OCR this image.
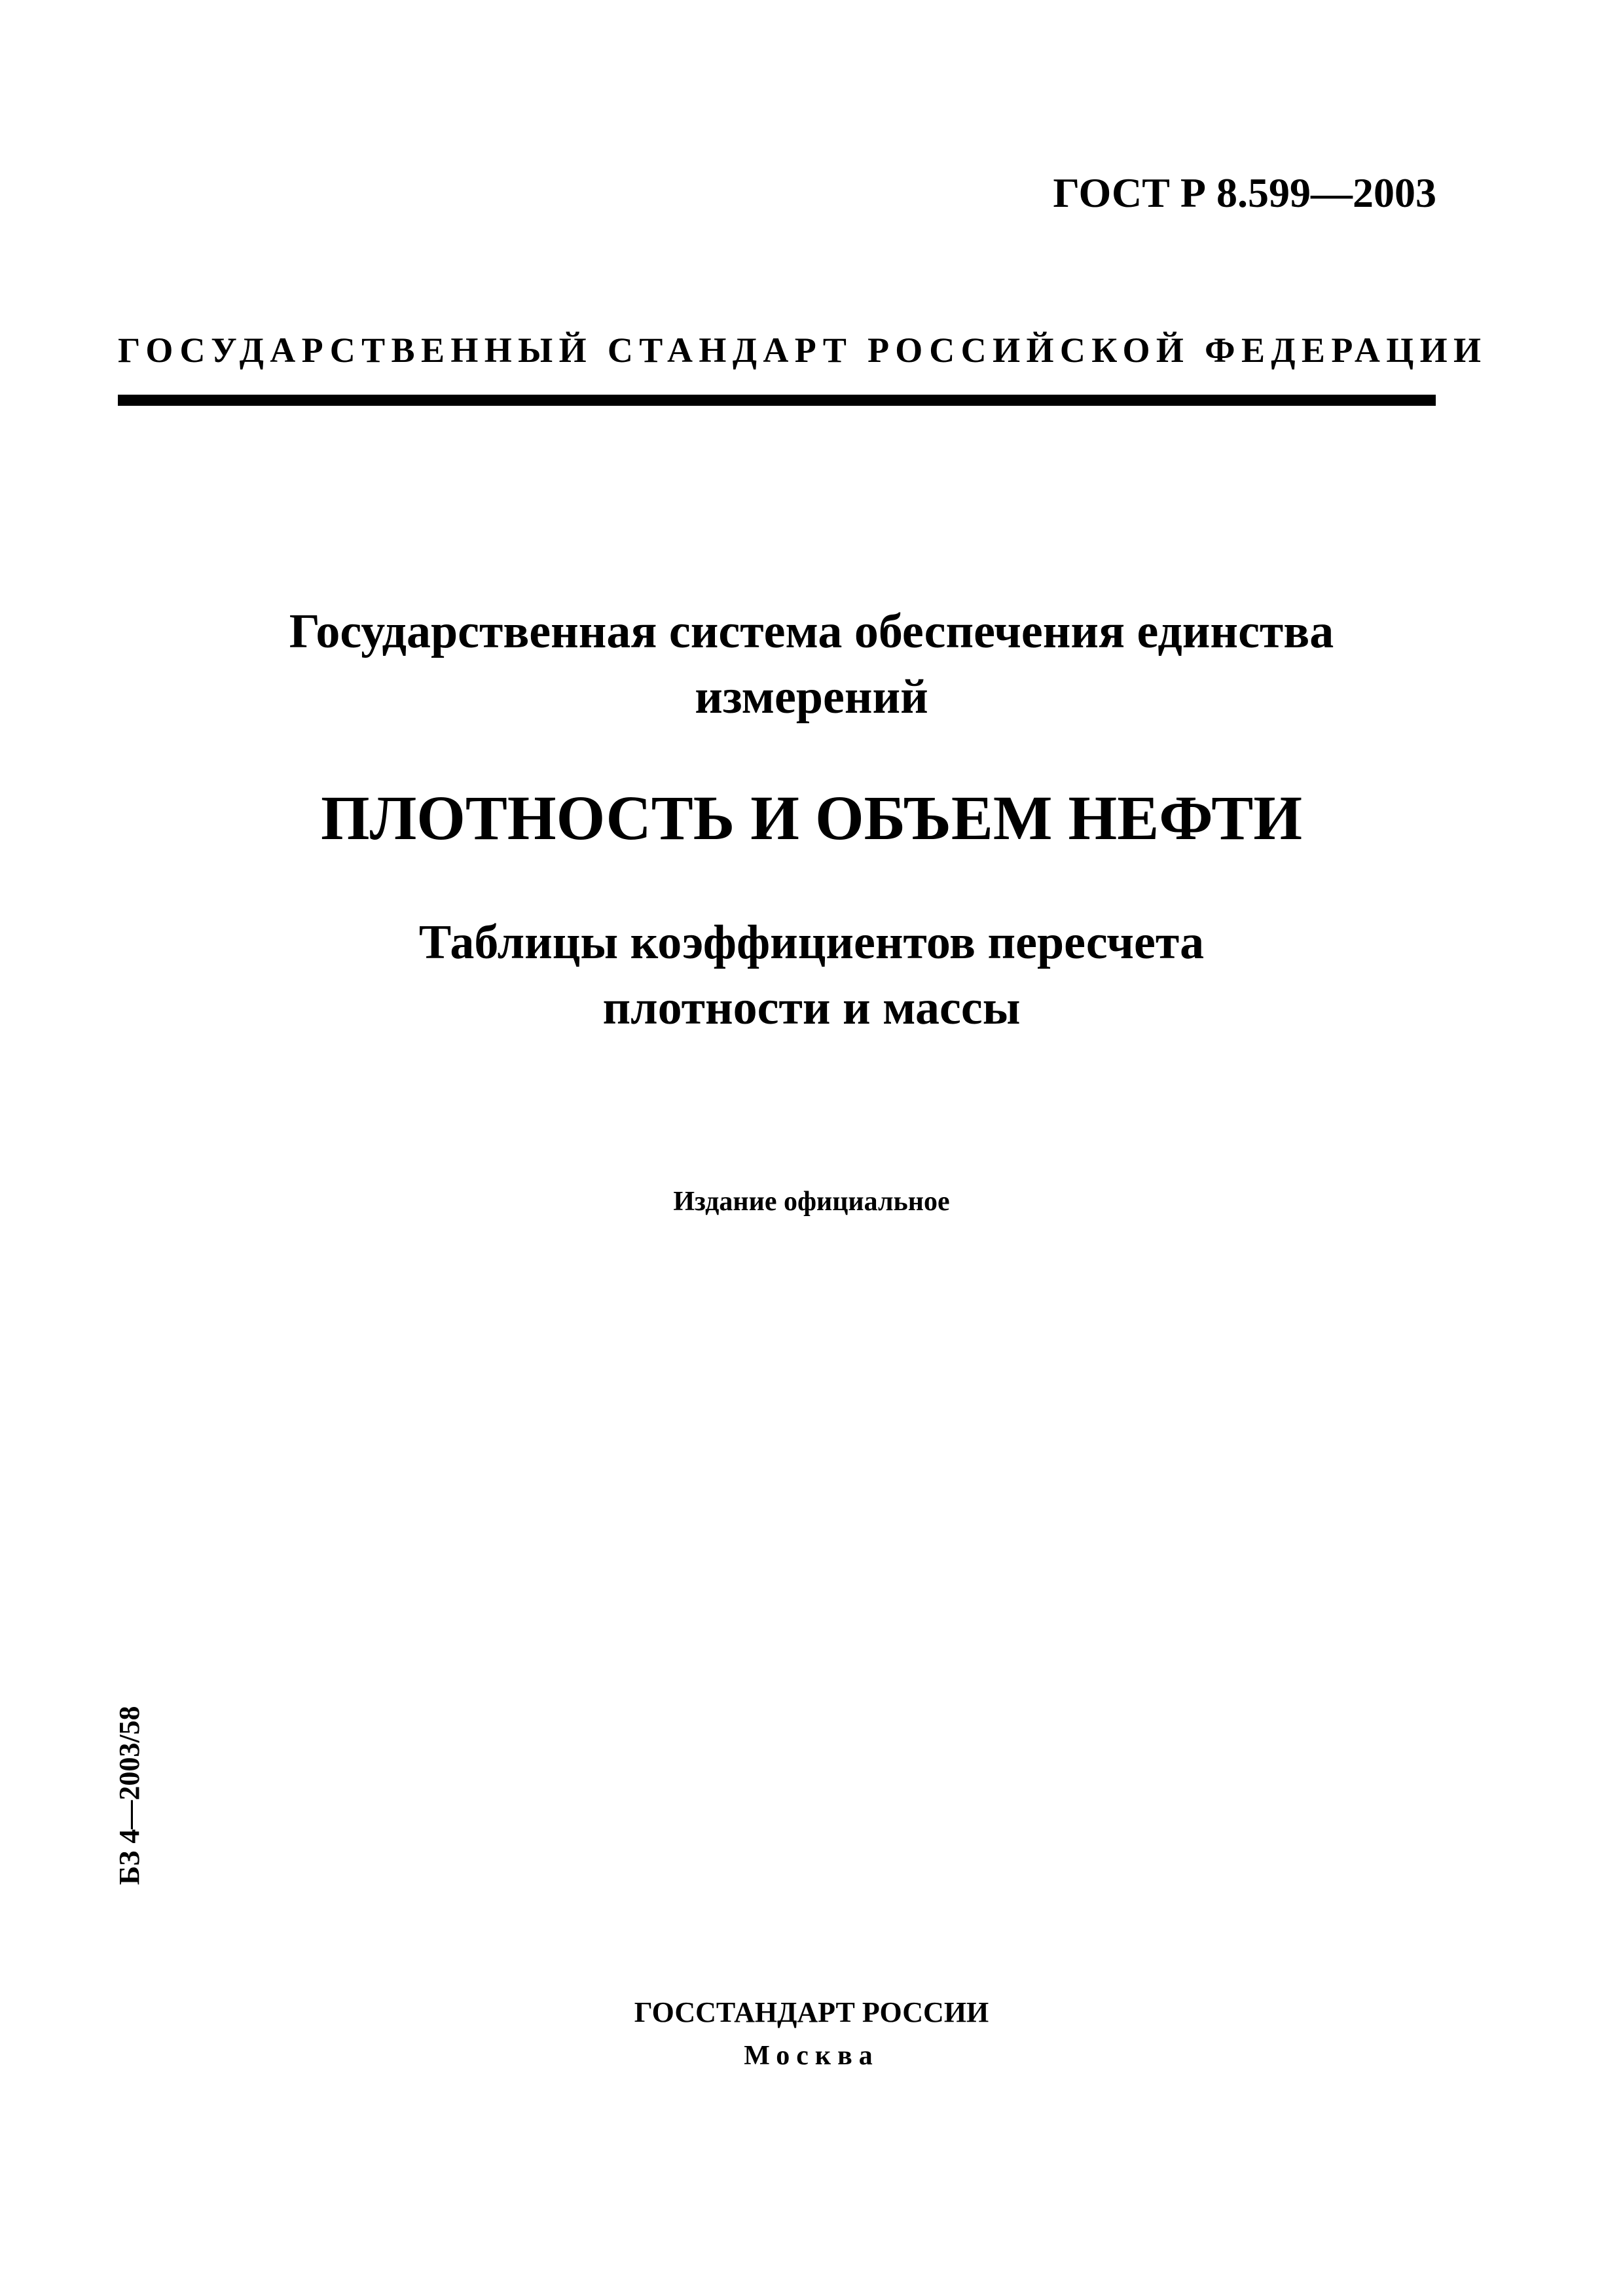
ГОСТ Р 8.599—2003
ГОСУДАРСТВЕННЫЙ СТАНДАРТ РОССИЙСКОЙ ФЕДЕРАЦИИ
Государственная система обеспечения единства
измерений
ПЛОТНОСТЬ И ОБЪЕМ НЕФТИ
Таблицы коэффициентов пересчета
плотности и массы
Издание официальное
БЗ 4—2003/58
ГОССТАНДАРТ РОССИИ
Москва
